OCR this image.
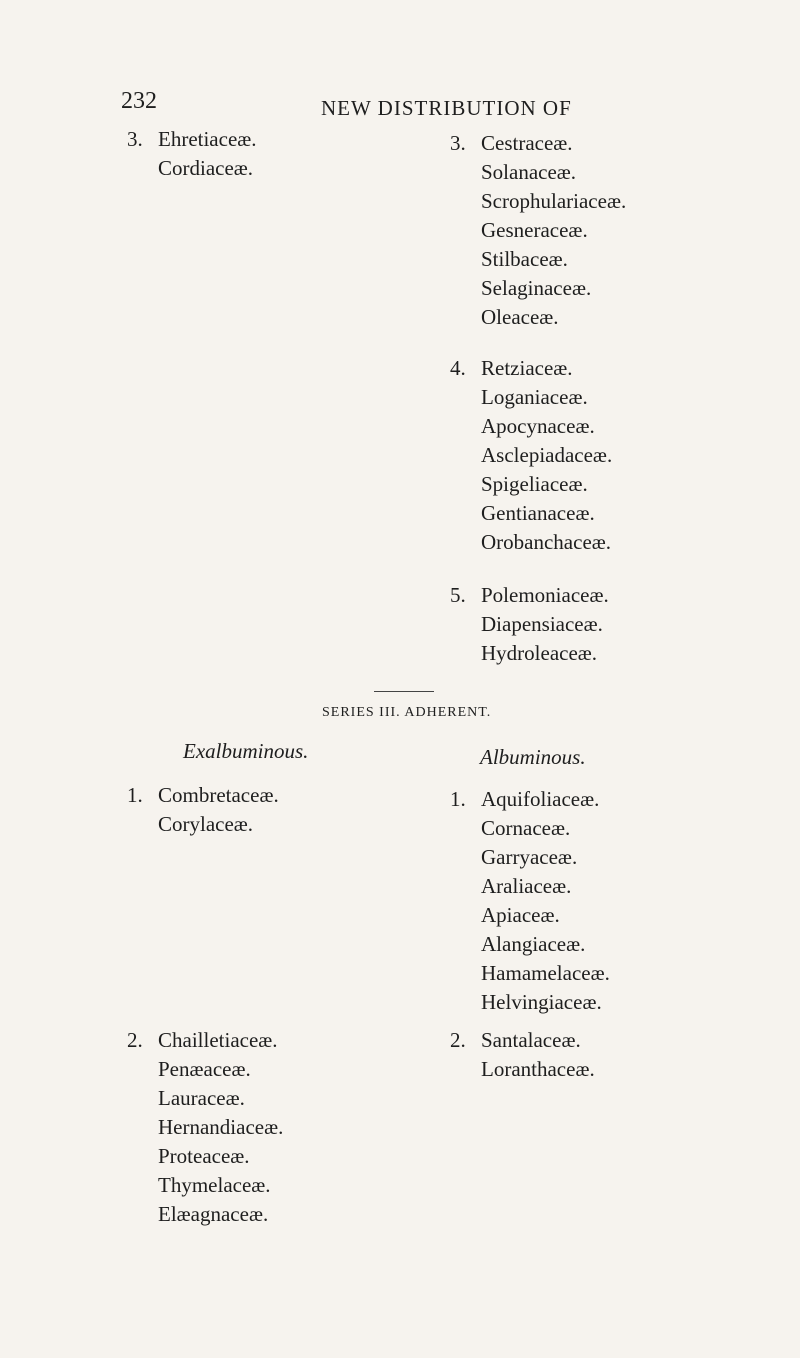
232	NEW DISTRIBUTION OF

3. Ehretiaceæ.

Cordiaceæ.

3. Cestraceæ.

Solanaceæ.

Scrophulariaceæ.

Gesneraceæ.

Stilbaceæ.

Selaginaceæ.

Oleaceæ.

4. Retziaceæ.

Loganiaceæ.

Apocynaceæ.

Asclepiadaceæ.

Spigeliaceæ.

Gentianaceæ.

Orobanchaceæ.

5. Polemoniaceæ.

Diapensiaceæ.

Hydroleaceæ.

SERIES III. ADHERENT.
Exalbuminous.	Albuminous.

1. Combretaceæ.

Corylaceæ.

2. Chailletiaceæ.

Penæaceæ.

Lauraceæ.

Hernandiaceæ.

Proteaceæ.

Thymelaceæ.

Elæagnaceæ.

1. Aquifoliaceæ.

Cornaceæ.

Garryaceæ.

Araliaceæ.

Apiaceæ.

Alangiaceæ.

Hamamelaceæ.

Helvingiaceæ.

2. Santalaceæ.

Loranthaceæ.
